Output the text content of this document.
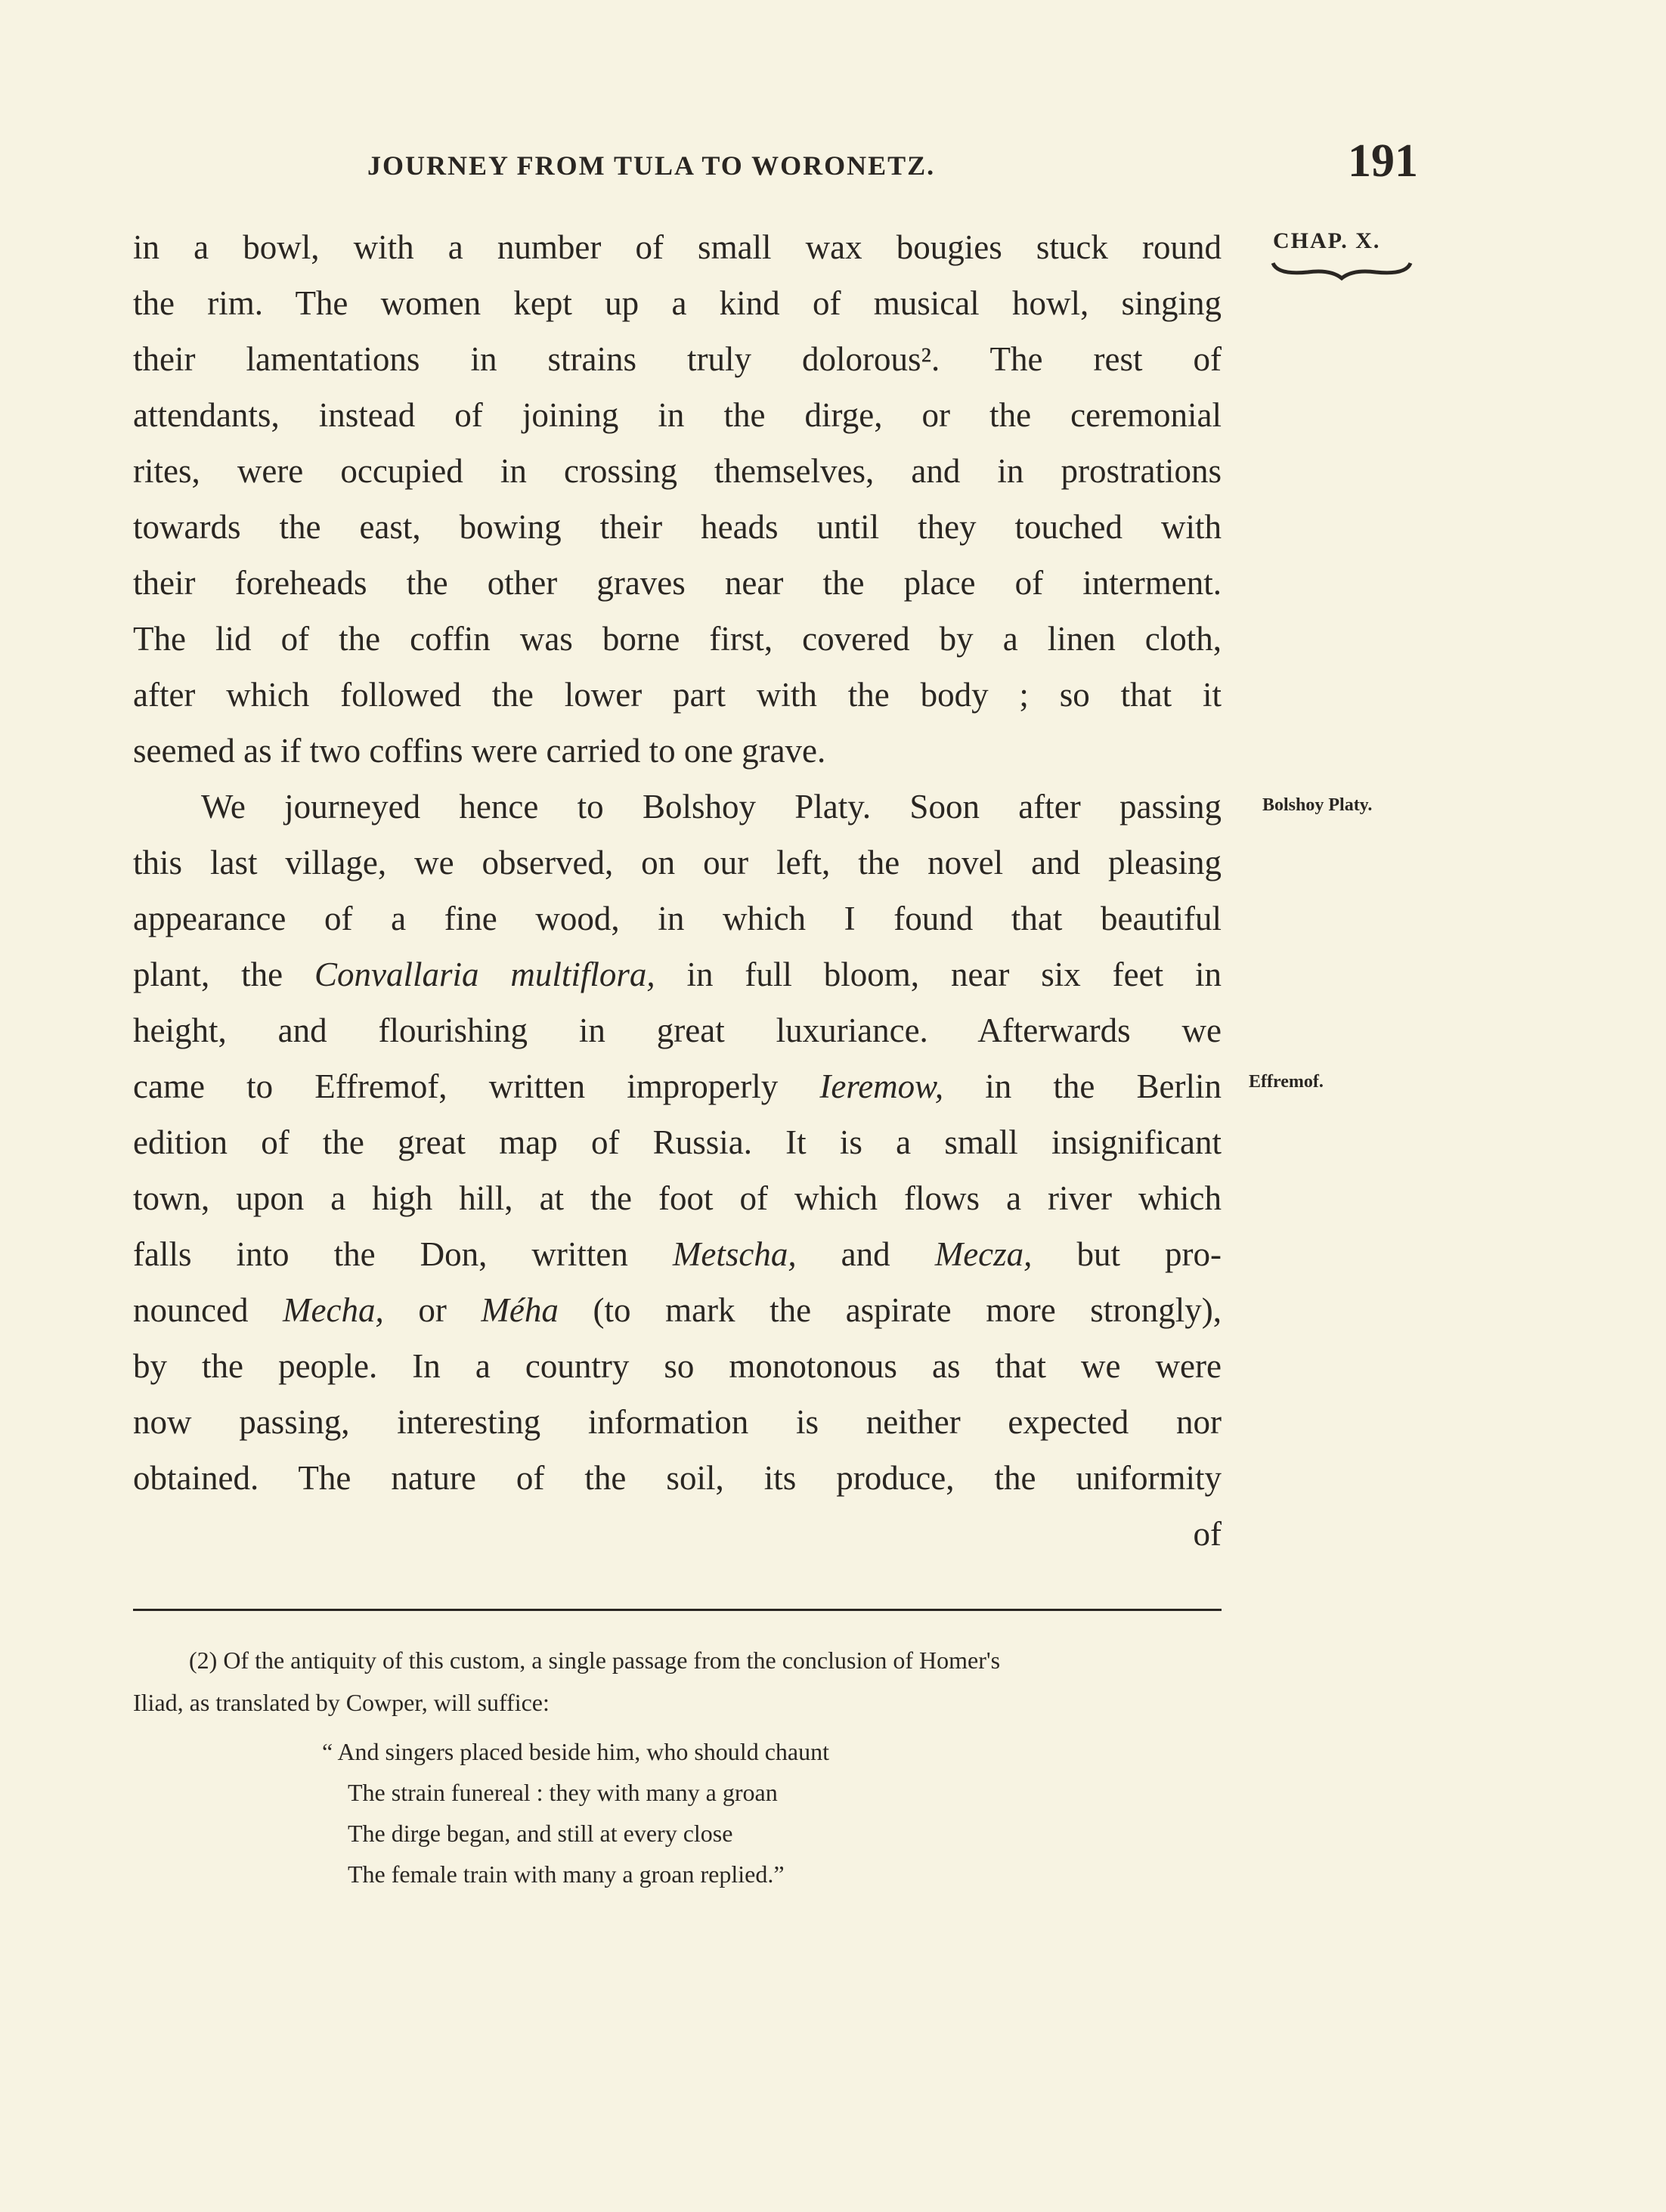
JOURNEY FROM TULA TO WORONETZ.	191
CHAP. X.
Bolshoy Platy.
Effremof.
in a bowl, with a number of small wax bougies stuck round
the rim. The women kept up a kind of musical howl, singing
their lamentations in strains truly dolorous². The rest of
attendants, instead of joining in the dirge, or the ceremonial
rites, were occupied in crossing themselves, and in prostrations
towards the east, bowing their heads until they touched with
their foreheads the other graves near the place of interment.
The lid of the coffin was borne first, covered by a linen cloth,
after which followed the lower part with the body ; so that it
seemed as if two coffins were carried to one grave.
We journeyed hence to Bolshoy Platy. Soon after passing
this last village, we observed, on our left, the novel and pleasing
appearance of a fine wood, in which I found that beautiful
plant, the Convallaria multiflora, in full bloom, near six feet in
height, and flourishing in great luxuriance. Afterwards we
came to Effremof, written improperly Ieremow, in the Berlin
edition of the great map of Russia. It is a small insignificant
town, upon a high hill, at the foot of which flows a river which
falls into the Don, written Metscha, and Mecza, but pro-
nounced Mecha, or Méha (to mark the aspirate more strongly),
by the people. In a country so monotonous as that we were
now passing, interesting information is neither expected nor
obtained. The nature of the soil, its produce, the uniformity
of
(2) Of the antiquity of this custom, a single passage from the conclusion of Homer's
Iliad, as translated by Cowper, will suffice:
“ And singers placed beside him, who should chaunt
The strain funereal : they with many a groan
The dirge began, and still at every close
The female train with many a groan replied.”
